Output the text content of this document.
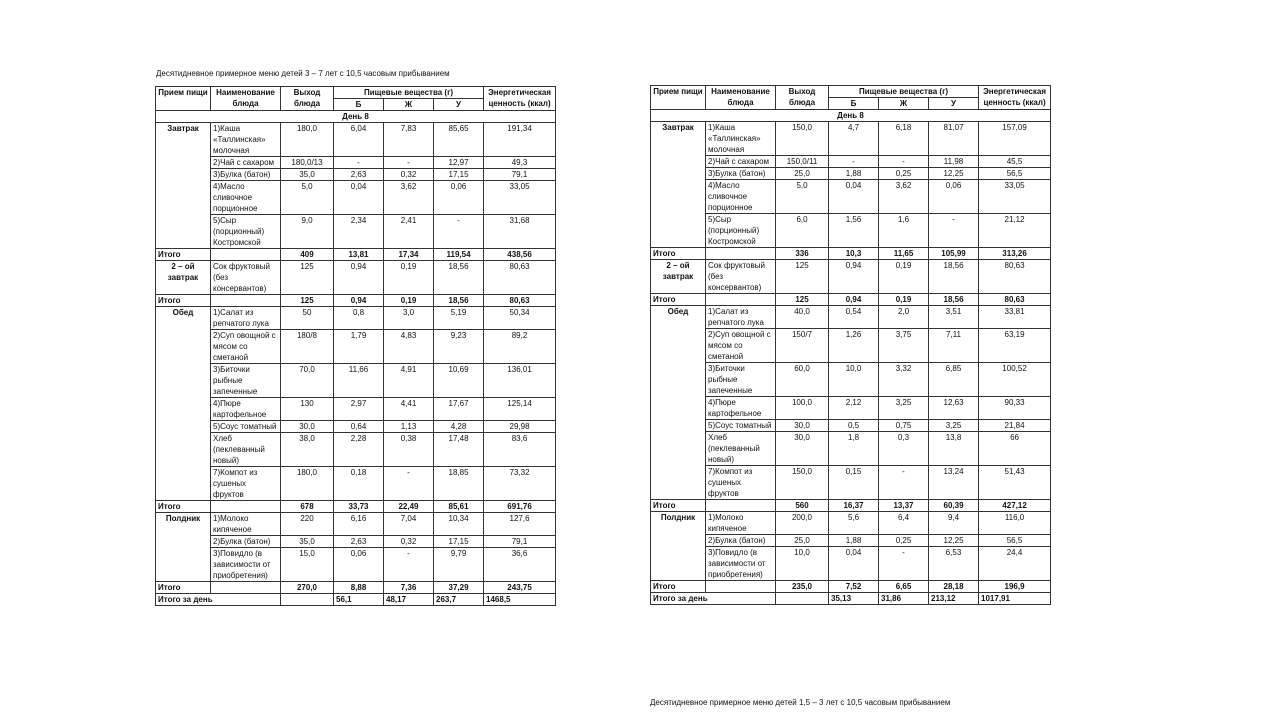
Десятидневное примерное меню детей 3 – 7 лет с 10,5 часовым прибыванием
Прием пищи	Наименование блюда	Выход блюда	Пищевые вещества (г)			Энергетическая ценность (ккал)
			Б	Ж	У	
День 8						
Завтрак	1)Каша «Таллинская» молочная	180,0	6,04	7,83	85,65	191,34
	2)Чай с сахаром	180,0/13	-	-	12,97	49,3
	3)Булка (батон)	35,0	2,63	0,32	17,15	79,1
	4)Масло сливочное порционное	5,0	0,04	3,62	0,06	33,05
	5)Сыр (порционный) Костромской	9,0	2,34	2,41	-	31,68
Итого		409	13,81	17,34	119,54	438,56
2 – ой завтрак	Сок фруктовый (без консервантов)	125	0,94	0,19	18,56	80,63
Итого		125	0,94	0,19	18,56	80,63
Обед	1)Салат из репчатого лука	50	0,8	3,0	5,19	50,34
	2)Суп овощной с мясом со сметаной	180/8	1,79	4,83	9,23	89,2
	3)Биточки рыбные запеченные	70,0	11,66	4,91	10,69	136,01
	4)Пюре картофельное	130	2,97	4,41	17,67	125,14
	5)Соус томатный	30,0	0,64	1,13	4,28	29,98
	Хлеб (пеклеванный новый)	38,0	2,28	0,38	17,48	83,6
	7)Компот из сушеных фруктов	180,0	0,18	-	18,85	73,32
Итого		678	33,73	22,49	85,61	691,76
Полдник	1)Молоко кипяченое	220	6,16	7,04	10,34	127,6
	2)Булка (батон)	35,0	2,63	0,32	17,15	79,1
	3)Повидло (в зависимости от приобретения)	15,0	0,06	-	9,79	36,6
Итого		270,0	8,88	7,36	37,29	243,75
Итого за день			56,1	48,17	263,7	1468,5
Прием пищи	Наименование блюда	Выход блюда	Пищевые вещества (г)			Энергетическая ценность (ккал)
			Б	Ж	У	
День 8						
Завтрак	1)Каша «Таллинская» молочная	150,0	4,7	6,18	81,07	157,09
	2)Чай с сахаром	150,0/11	-	-	11,98	45,5
	3)Булка (батон)	25,0	1,88	0,25	12,25	56,5
	4)Масло сливочное порционное	5,0	0,04	3,62	0,06	33,05
	5)Сыр (порционный) Костромской	6,0	1,56	1,6	-	21,12
Итого		336	10,3	11,65	105,99	313,26
2 – ой завтрак	Сок фруктовый (без консервантов)	125	0,94	0,19	18,56	80,63
Итого		125	0,94	0,19	18,56	80,63
Обед	1)Салат из репчатого лука	40,0	0,54	2,0	3,51	33,81
	2)Суп овощной с мясом со сметаной	150/7	1,26	3,75	7,11	63,19
	3)Биточки рыбные запеченные	60,0	10,0	3,32	6,85	100,52
	4)Пюре картофельное	100,0	2,12	3,25	12,63	90,33
	5)Соус томатный	30,0	0,5	0,75	3,25	21,84
	Хлеб (пеклеванный новый)	30,0	1,8	0,3	13,8	66
	7)Компот из сушеных фруктов	150,0	0,15	-	13,24	51,43
Итого		560	16,37	13,37	60,39	427,12
Полдник	1)Молоко кипяченое	200,0	5,6	6,4	9,4	116,0
	2)Булка (батон)	25,0	1,88	0,25	12,25	56,5
	3)Повидло (в зависимости от приобретения)	10,0	0,04	-	6,53	24,4
Итого		235,0	7,52	6,65	28,18	196,9
Итого за день			35,13	31,86	213,12	1017,91
Десятидневное примерное меню детей 1,5 – 3 лет с 10,5 часовым прибыванием
